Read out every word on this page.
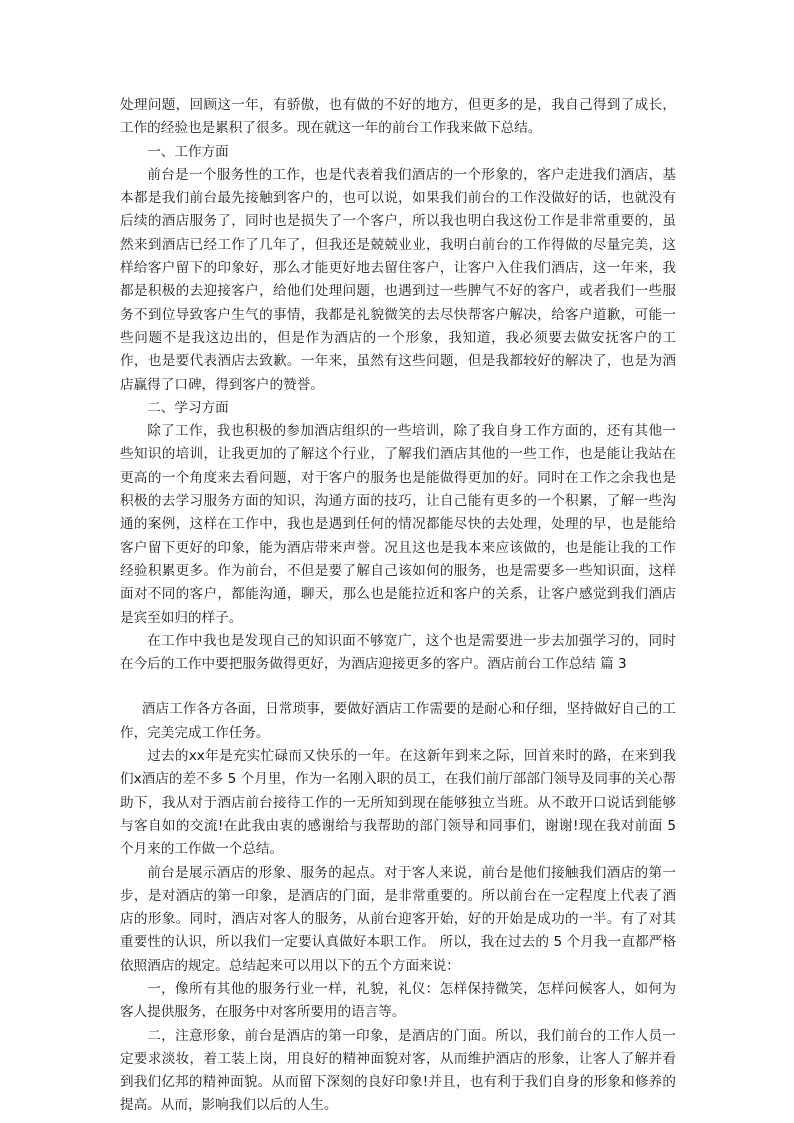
处理问题，回顾这一年，有骄傲，也有做的不好的地方，但更多的是，我自己得到了成长，工作的经验也是累积了很多。现在就这一年的前台工作我来做下总结。

一、工作方面

前台是一个服务性的工作，也是代表着我们酒店的一个形象的，客户走进我们酒店，基本都是我们前台最先接触到客户的，也可以说，如果我们前台的工作没做好的话，也就没有后续的酒店服务了，同时也是损失了一个客户，所以我也明白我这份工作是非常重要的，虽然来到酒店已经工作了几年了，但我还是兢兢业业，我明白前台的工作得做的尽量完美，这样给客户留下的印象好，那么才能更好地去留住客户，让客户入住我们酒店，这一年来，我都是积极的去迎接客户，给他们处理问题，也遇到过一些脾气不好的客户，或者我们一些服务不到位导致客户生气的事情，我都是礼貌微笑的去尽快帮客户解决，给客户道歉，可能一些问题不是我这边出的，但是作为酒店的一个形象，我知道，我必须要去做安抚客户的工作，也是要代表酒店去致歉。一年来，虽然有这些问题，但是我都较好的解决了，也是为酒店赢得了口碑，得到客户的赞誉。

二、学习方面

除了工作，我也积极的参加酒店组织的一些培训，除了我自身工作方面的，还有其他一些知识的培训，让我更加的了解这个行业，了解我们酒店其他的一些工作，也是能让我站在更高的一个角度来去看问题，对于客户的服务也是能做得更加的好。同时在工作之余我也是积极的去学习服务方面的知识，沟通方面的技巧，让自己能有更多的一个积累，了解一些沟通的案例，这样在工作中，我也是遇到任何的情况都能尽快的去处理，处理的早，也是能给客户留下更好的印象，能为酒店带来声誉。况且这也是我本来应该做的，也是能让我的工作经验积累更多。作为前台，不但是要了解自己该如何的服务，也是需要多一些知识面，这样面对不同的客户，都能沟通，聊天，那么也是能拉近和客户的关系，让客户感觉到我们酒店是宾至如归的样子。

在工作中我也是发现自己的知识面不够宽广，这个也是需要进一步去加强学习的，同时在今后的工作中要把服务做得更好，为酒店迎接更多的客户。酒店前台工作总结 篇 3

酒店工作各方各面，日常琐事，要做好酒店工作需要的是耐心和仔细，坚持做好自己的工作，完美完成工作任务。

过去的xx年是充实忙碌而又快乐的一年。在这新年到来之际，回首来时的路，在来到我们x酒店的差不多 5 个月里，作为一名刚入职的员工，在我们前厅部部门领导及同事的关心帮助下，我从对于酒店前台接待工作的一无所知到现在能够独立当班。从不敢开口说话到能够与客自如的交流!在此我由衷的感谢给与我帮助的部门领导和同事们，谢谢!现在我对前面 5 个月来的工作做一个总结。

前台是展示酒店的形象、服务的起点。对于客人来说，前台是他们接触我们酒店的第一步，是对酒店的第一印象，是酒店的门面，是非常重要的。所以前台在一定程度上代表了酒店的形象。同时，酒店对客人的服务，从前台迎客开始，好的开始是成功的一半。有了对其重要性的认识，所以我们一定要认真做好本职工作。 所以，我在过去的 5 个月我一直都严格依照酒店的规定。总结起来可以用以下的五个方面来说：

一，像所有其他的服务行业一样，礼貌，礼仪：怎样保持微笑，怎样问候客人，如何为客人提供服务，在服务中对客所要用的语言等。

二，注意形象，前台是酒店的第一印象，是酒店的门面。所以，我们前台的工作人员一定要求淡妆，着工装上岗，用良好的精神面貌对客，从而维护酒店的形象，让客人了解并看到我们亿邦的精神面貌。从而留下深刻的良好印象!并且，也有利于我们自身的形象和修养的提高。从而，影响我们以后的人生。
